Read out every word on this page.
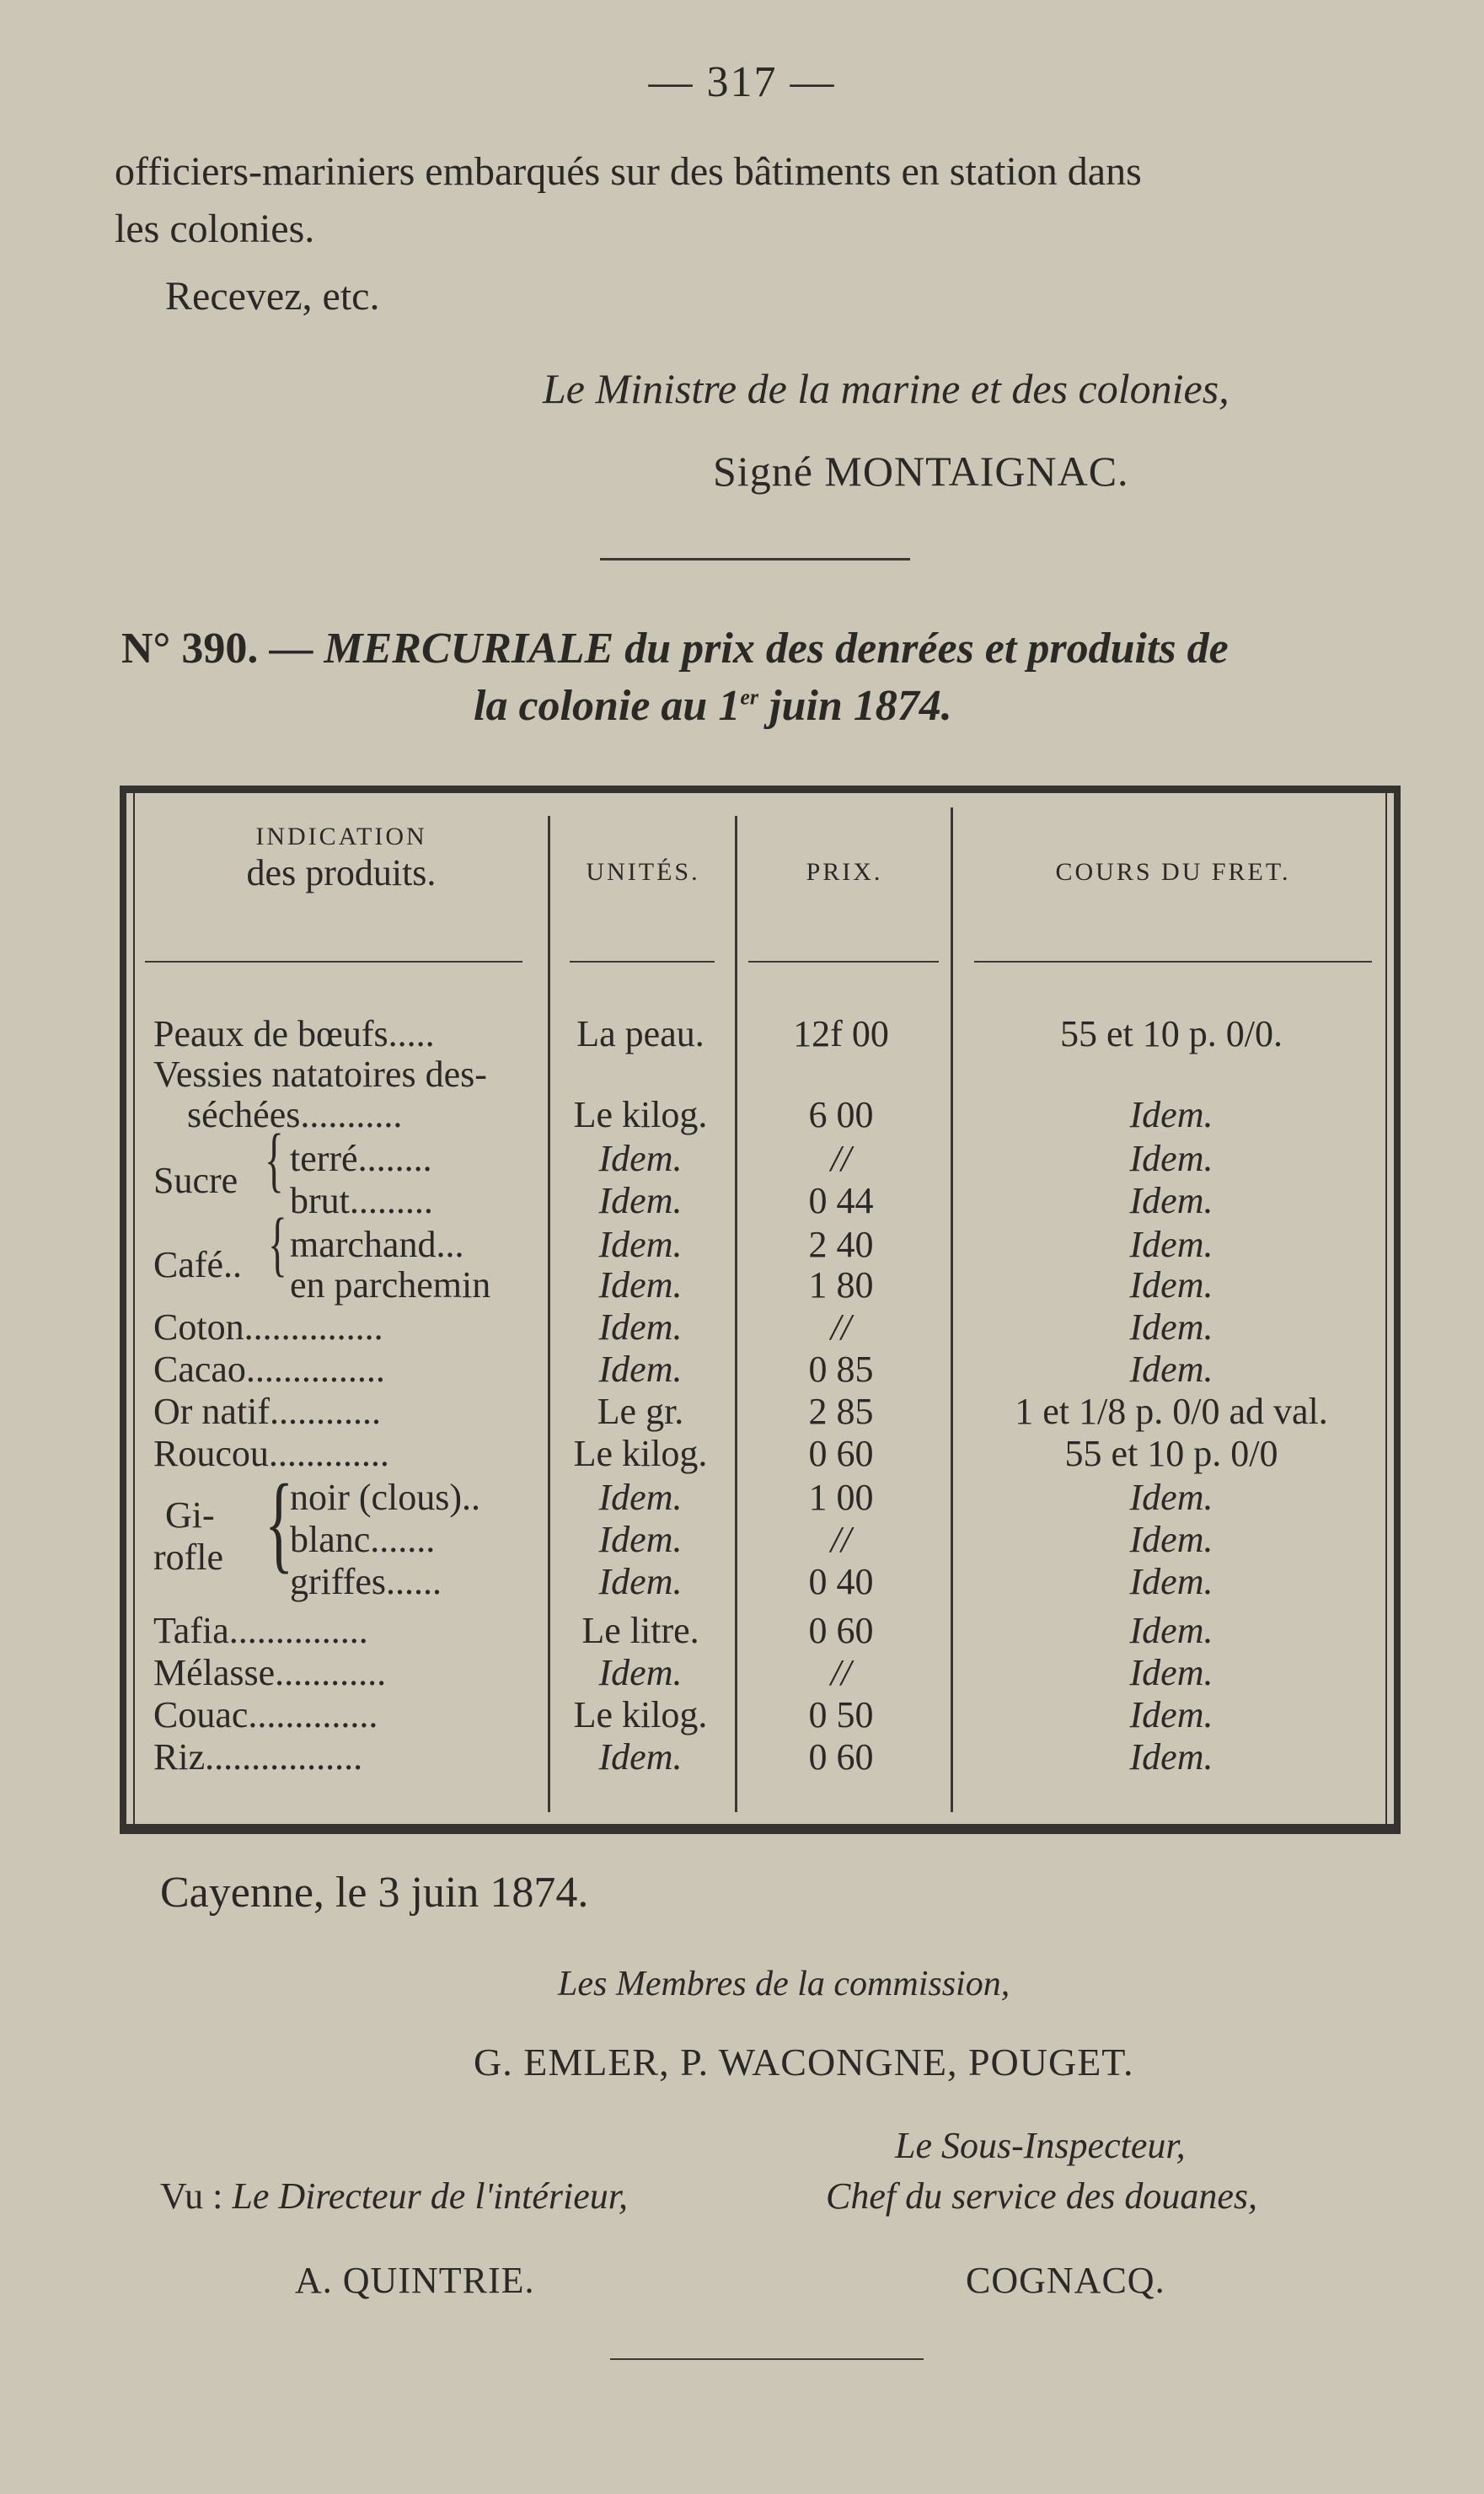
— 317 —
officiers-mariniers embarqués sur des bâtiments en station dans
les colonies.
Recevez, etc.
Le Ministre de la marine et des colonies,
Signé MONTAIGNAC.
N° 390. — MERCURIALE du prix des denrées et produits de
la colonie au 1er juin 1874.
INDICATION
des produits.	UNITÉS.	PRIX.	COURS DU FRET.
Peaux de bœufs.....	La peau.	12f 00	55 et 10 p. 0/0.
Vessies natatoires des-
séchées...........	Le kilog.	6 00	Idem.
Sucre { terré........	Idem.	//	Idem.
brut.........	Idem.	0 44	Idem.
Café.. { marchand...	Idem.	2 40	Idem.
en parchemin	Idem.	1 80	Idem.
Coton...............	Idem.	//	Idem.
Cacao...............	Idem.	0 85	Idem.
Or natif............	Le gr.	2 85	1 et 1/8 p. 0/0 ad val.
Roucou.............	Le kilog.	0 60	55 et 10 p. 0/0
Gi-
rofle {
noir (clous)..	Idem.	1 00	Idem.
blanc.......	Idem.	//	Idem.
griffes......	Idem.	0 40	Idem.
Tafia...............	Le litre.	0 60	Idem.
Mélasse............	Idem.	//	Idem.
Couac..............	Le kilog.	0 50	Idem.
Riz.................	Idem.	0 60	Idem.
Cayenne, le 3 juin 1874.
Les Membres de la commission,
G. EMLER, P. WACONGNE, POUGET.
Le Sous-Inspecteur,
Vu : Le Directeur de l'intérieur,	Chef du service des douanes,
A. QUINTRIE.	COGNACQ.
